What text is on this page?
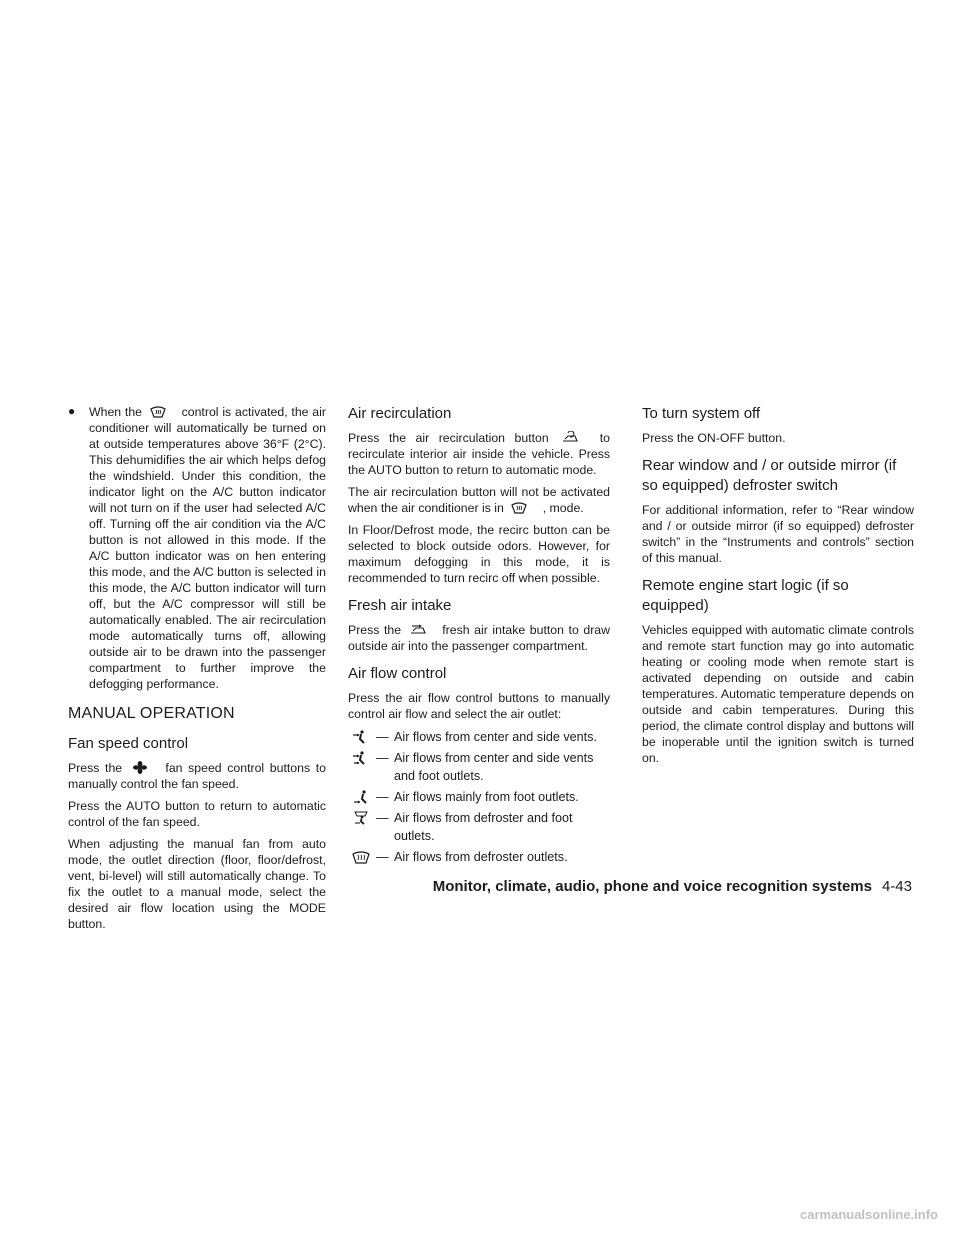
● When the	control is activated, the air conditioner will automatically be turned on at outside temperatures above 36°F (2°C). This dehumidifies the air which helps defog the windshield. Under this condition, the indicator light on the A/C button indicator will not turn on if the user had selected A/C off. Turning off the air condition via the A/C button is not allowed in this mode. If the A/C button indicator was on hen entering this mode, and the A/C button is selected in this mode, the A/C button indicator will turn off, but the A/C compressor will still be automatically enabled. The air recirculation mode automatically turns off, allowing outside air to be drawn into the passenger compartment to further improve the defogging performance.

MANUAL OPERATION
Fan speed control

Press the	fan speed control buttons to manually control the fan speed.

Press the AUTO button to return to automatic control of the fan speed.

When adjusting the manual fan from auto mode, the outlet direction (floor, floor/defrost, vent, bi-level) will still automatically change. To fix the outlet to a manual mode, select the desired air flow location using the MODE button.

Air recirculation

Press the air recirculation button	to recirculate interior air inside the vehicle. Press the AUTO button to return to automatic mode.

The air recirculation button will not be activated when the air conditioner is in	, mode.

In Floor/Defrost mode, the recirc button can be selected to block outside odors. However, for maximum defogging in this mode, it is recommended to turn recirc off when possible.

Fresh air intake

Press the	fresh air intake button to draw outside air into the passenger compartment.

Air flow control

Press the air flow control buttons to manually control air flow and select the air outlet:

— Air flows from center and side vents.
— Air flows from center and side vents and foot outlets.
— Air flows mainly from foot outlets.
— Air flows from defroster and foot outlets.
— Air flows from defroster outlets.
To turn system off

Press the ON-OFF button.

Rear window and / or outside mirror (if so equipped) defroster switch

For additional information, refer to “Rear window and / or outside mirror (if so equipped) defroster switch” in the “Instruments and controls” section of this manual.

Remote engine start logic (if so equipped)

Vehicles equipped with automatic climate controls and remote start function may go into automatic heating or cooling mode when remote start is activated depending on outside and cabin temperatures. Automatic temperature depends on outside and cabin temperatures. During this period, the climate control display and buttons will be inoperable until the ignition switch is turned on.

Monitor, climate, audio, phone and voice recognition systems 4-43
carmanualsonline.info
